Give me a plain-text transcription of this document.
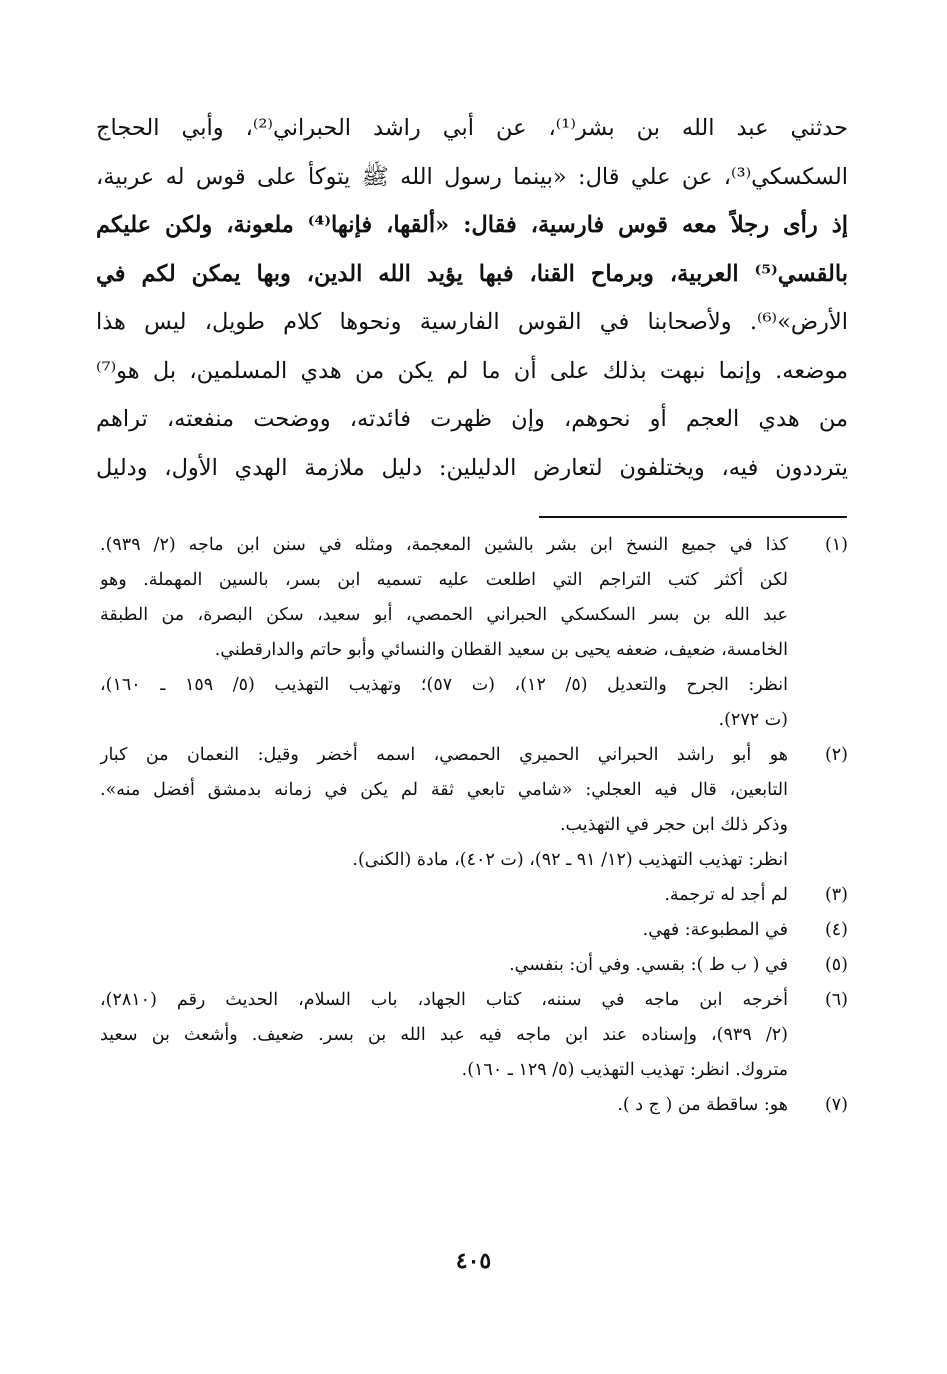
حدثني عبد الله بن بشر⁽¹⁾، عن أبي راشد الحبراني⁽²⁾، وأبي الحجاج
السكسكي⁽³⁾، عن علي قال: «بينما رسول الله ﷺ يتوكأ على قوس له عربية،
إذ رأى رجلاً معه قوس فارسية، فقال: «ألقها، فإنها⁽⁴⁾ ملعونة، ولكن عليكم
بالقسي⁽⁵⁾ العربية، وبرماح القنا، فبها يؤيد الله الدين، وبها يمكن لكم في
الأرض»⁽⁶⁾. ولأصحابنا في القوس الفارسية ونحوها كلام طويل، ليس هذا
موضعه. وإنما نبهت بذلك على أن ما لم يكن من هدي المسلمين، بل هو⁽⁷⁾
من هدي العجم أو نحوهم، وإن ظهرت فائدته، ووضحت منفعته، تراهم
يترددون فيه، ويختلفون لتعارض الدليلين: دليل ملازمة الهدي الأول، ودليل
(١)
كذا في جميع النسخ ابن بشر بالشين المعجمة، ومثله في سنن ابن ماجه (٢/ ٩٣٩).
لكن أكثر كتب التراجم التي اطلعت عليه تسميه ابن بسر، بالسين المهملة. وهو
عبد الله بن بسر السكسكي الحبراني الحمصي، أبو سعيد، سكن البصرة، من الطبقة
الخامسة، ضعيف، ضعفه يحيى بن سعيد القطان والنسائي وأبو حاتم والدارقطني.
انظر: الجرح والتعديل (٥/ ١٢)، (ت ٥٧)؛ وتهذيب التهذيب (٥/ ١٥٩ ـ ١٦٠)،
(ت ٢٧٢).
(٢)
هو أبو راشد الحبراني الحميري الحمصي، اسمه أخضر وقيل: النعمان من كبار
التابعين، قال فيه العجلي: «شامي تابعي ثقة لم يكن في زمانه بدمشق أفضل منه».
وذكر ذلك ابن حجر في التهذيب.
انظر: تهذيب التهذيب (١٢/ ٩١ ـ ٩٢)، (ت ٤٠٢)، مادة (الكنى).
(٣)
لم أجد له ترجمة.
(٤)
في المطبوعة: فهي.
(٥)
في ( ب ط ): بقسي. وفي أن: بنفسي.
(٦)
أخرجه ابن ماجه في سننه، كتاب الجهاد، باب السلام، الحديث رقم (٢٨١٠)،
(٢/ ٩٣٩)، وإسناده عند ابن ماجه فيه عبد الله بن بسر. ضعيف. وأشعث بن سعيد
متروك. انظر: تهذيب التهذيب (٥/ ١٢٩ ـ ١٦٠).
(٧)
هو: ساقطة من ( ج د ).
٤٠٥
